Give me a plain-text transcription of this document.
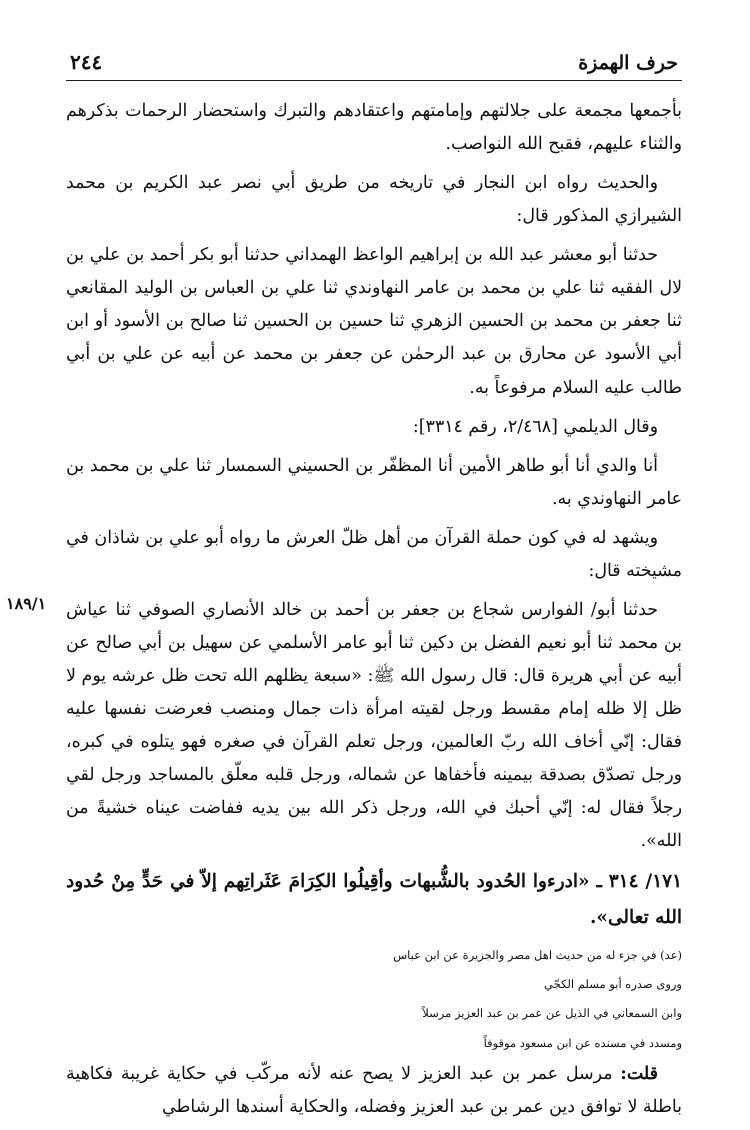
حرف الهمزة
٢٤٤

بأجمعها مجمعة على جلالتهم وإمامتهم واعتقادهم والتبرك واستحضار الرحمات بذكرهم والثناء عليهم، فقبح الله النواصب.

والحديث رواه ابن النجار في تاريخه من طريق أبي نصر عبد الكريم بن محمد الشيرازي المذكور قال:

حدثنا أبو معشر عبد الله بن إبراهيم الواعظ الهمداني حدثنا أبو بكر أحمد بن علي بن لال الفقيه ثنا علي بن محمد بن عامر النهاوندي ثنا علي بن العباس بن الوليد المقانعي ثنا جعفر بن محمد بن الحسين الزهري ثنا حسين بن الحسين ثنا صالح بن الأسود أو ابن أبي الأسود عن محارق بن عبد الرحمٰن عن جعفر بن محمد عن أبيه عن علي بن أبي طالب عليه السلام مرفوعاً به.

وقال الديلمي [٢/٤٦٨، رقم ٣٣١٤]:

أنا والدي أنا أبو طاهر الأمين أنا المظفّر بن الحسيني السمسار ثنا علي بن محمد بن عامر النهاوندي به.

ويشهد له في كون حملة القرآن من أهل ظلّ العرش ما رواه أبو علي بن شاذان في مشيخته قال:

١٨٩/١ حدثنا أبو/ الفوارس شجاع بن جعفر بن أحمد بن خالد الأنصاري الصوفي ثنا عياش بن محمد ثنا أبو نعيم الفضل بن دكين ثنا أبو عامر الأسلمي عن سهيل بن أبي صالح عن أبيه عن أبي هريرة قال: قال رسول الله ﷺ: «سبعة يظلهم الله تحت ظل عرشه يوم لا ظل إلا ظله إمام مقسط ورجل لقيته امرأة ذات جمال ومنصب فعرضت نفسها عليه فقال: إنّي أخاف الله ربّ العالمين، ورجل تعلم القرآن في صغره فهو يتلوه في كبره، ورجل تصدّق بصدقة بيمينه فأخفاها عن شماله، ورجل قلبه معلّق بالمساجد ورجل لقي رجلاً فقال له: إنّي أحبك في الله، ورجل ذكر الله بين يديه ففاضت عيناه خشيةً من الله».

١٧١/ ٣١٤ ـ «ادرءوا الحُدود بالشُّبهات وأقِيلُوا الكِرَامَ عَثَراتِهم إلاّ في حَدٍّ مِنْ حُدود الله تعالى».

(عد) في جزء له من حديث اهل مصر والجزيرة عن ابن عباس
وروى صدره أبو مسلم الكجّي
وابن السمعاني في الذيل عن عمر بن عبد العزيز مرسلاً
ومسدد في مسنده عن ابن مسعود موقوفاً

قلت: مرسل عمر بن عبد العزيز لا يصح عنه لأنه مركّب في حكاية غريبة فكاهية باطلة لا توافق دين عمر بن عبد العزيز وفضله، والحكاية أسندها الرشاطي
